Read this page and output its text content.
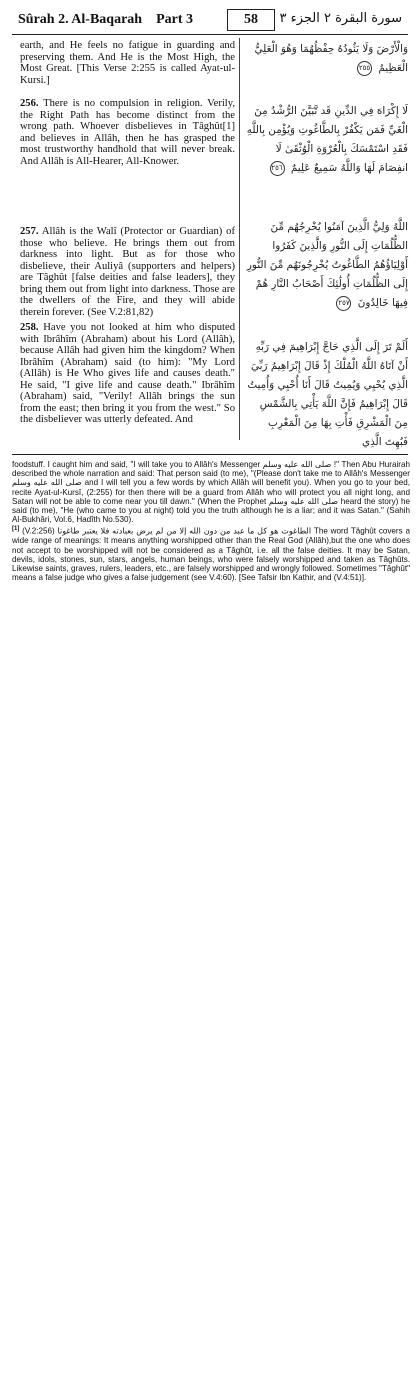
Sûrah 2. Al-Baqarah Part 3	58	سورة البقرة ٢ الجزء ٣

earth, and He feels no fatigue in guarding and preserving them. And He is the Most High, the Most Great. [This Verse 2:255 is called Ayat-ul-Kursi.]

256. There is no compulsion in religion. Verily, the Right Path has become distinct from the wrong path. Whoever disbelieves in Tâghût[1] and believes in Allâh, then he has grasped the most trustworthy handhold that will never break. And Allâh is All-Hearer, All-Knower.

257. Allâh is the Walî (Protector or Guardian) of those who believe. He brings them out from darkness into light. But as for those who disbelieve, their Auliyâ (supporters and helpers) are Tâghût [false deities and false leaders], they bring them out from light into darkness. Those are the dwellers of the Fire, and they will abide therein forever. (See V.2:81,82)

258. Have you not looked at him who disputed with Ibrâhîm (Abraham) about his Lord (Allâh), because Allâh had given him the kingdom? When Ibrâhîm (Abraham) said (to him): "My Lord (Allâh) is He Who gives life and causes death." He said, "I give life and cause death." Ibrâhîm (Abraham) said, "Verily! Allâh brings the sun from the east; then bring it you from the west." So the disbeliever was utterly defeated. And

وَالْأَرْضَ وَلَا يَئُودُهُ حِفْظُهُمَا وَهُوَ الْعَلِيُّ الْعَظِيمُ ٢٥٥

لَا إِكْرَاهَ فِي الدِّينِ قَد تَّبَيَّنَ الرُّشْدُ مِنَ الْغَيِّ فَمَن يَكْفُرْ بِالطَّاغُوتِ وَيُؤْمِن بِاللَّهِ فَقَدِ اسْتَمْسَكَ بِالْعُرْوَةِ الْوُثْقَىٰ لَا انفِصَامَ لَهَا وَاللَّهُ سَمِيعٌ عَلِيمٌ ٢٥٦

اللَّهُ وَلِيُّ الَّذِينَ آمَنُوا يُخْرِجُهُم مِّنَ الظُّلُمَاتِ إِلَى النُّورِ وَالَّذِينَ كَفَرُوا أَوْلِيَاؤُهُمُ الطَّاغُوتُ يُخْرِجُونَهُم مِّنَ النُّورِ إِلَى الظُّلُمَاتِ أُولَٰئِكَ أَصْحَابُ النَّارِ هُمْ فِيهَا خَالِدُونَ ٢٥٧

أَلَمْ تَرَ إِلَى الَّذِي حَاجَّ إِبْرَاهِيمَ فِي رَبِّهِ أَنْ آتَاهُ اللَّهُ الْمُلْكَ إِذْ قَالَ إِبْرَاهِيمُ رَبِّيَ الَّذِي يُحْيِي وَيُمِيتُ قَالَ أَنَا أُحْيِي وَأُمِيتُ قَالَ إِبْرَاهِيمُ فَإِنَّ اللَّهَ يَأْتِي بِالشَّمْسِ مِنَ الْمَشْرِقِ فَأْتِ بِهَا مِنَ الْمَغْرِبِ فَبُهِتَ الَّذِي

foodstuff. I caught him and said, "I will take you to Allâh's Messenger صلى الله عليه وسلم !" Then Abu Hurairah described the whole narration and said: That person said (to me), "(Please don't take me to Allâh's Messenger صلى الله عليه وسلم and I will tell you a few words by which Allâh will benefit you). When you go to your bed, recite Ayat-ul-Kursî, (2:255) for then there will be a guard from Allâh who will protect you all night long, and Satan will not be able to come near you till dawn." (When the Prophet صلى الله عليه وسلم heard the story) he said (to me), "He (who came to you at night) told you the truth although he is a liar; and it was Satan." (Sahih Al-Bukhâri, Vol.6, Hadîth No.530).

[1] (V.2:256) الطاغوت هو كل ما عبد من دون الله إلا من لم يرض بعبادته فلا يعتبر طاغوتا The word Tâghût covers a wide range of meanings: It means anything worshipped other than the Real God (Allâh),but the one who does not accept to be worshipped will not be considered as a Tâghût, i.e. all the false deities. It may be Satan, devils, idols, stones, sun, stars, angels, human beings, who were falsely worshipped and taken as Tâghûts. Likewise saints, graves, rulers, leaders, etc., are falsely worshipped and wrongly followed. Sometimes "Tâghût" means a false judge who gives a false judgement (see V.4:60). [See Tafsir Ibn Kathir, and (V.4:51)].
